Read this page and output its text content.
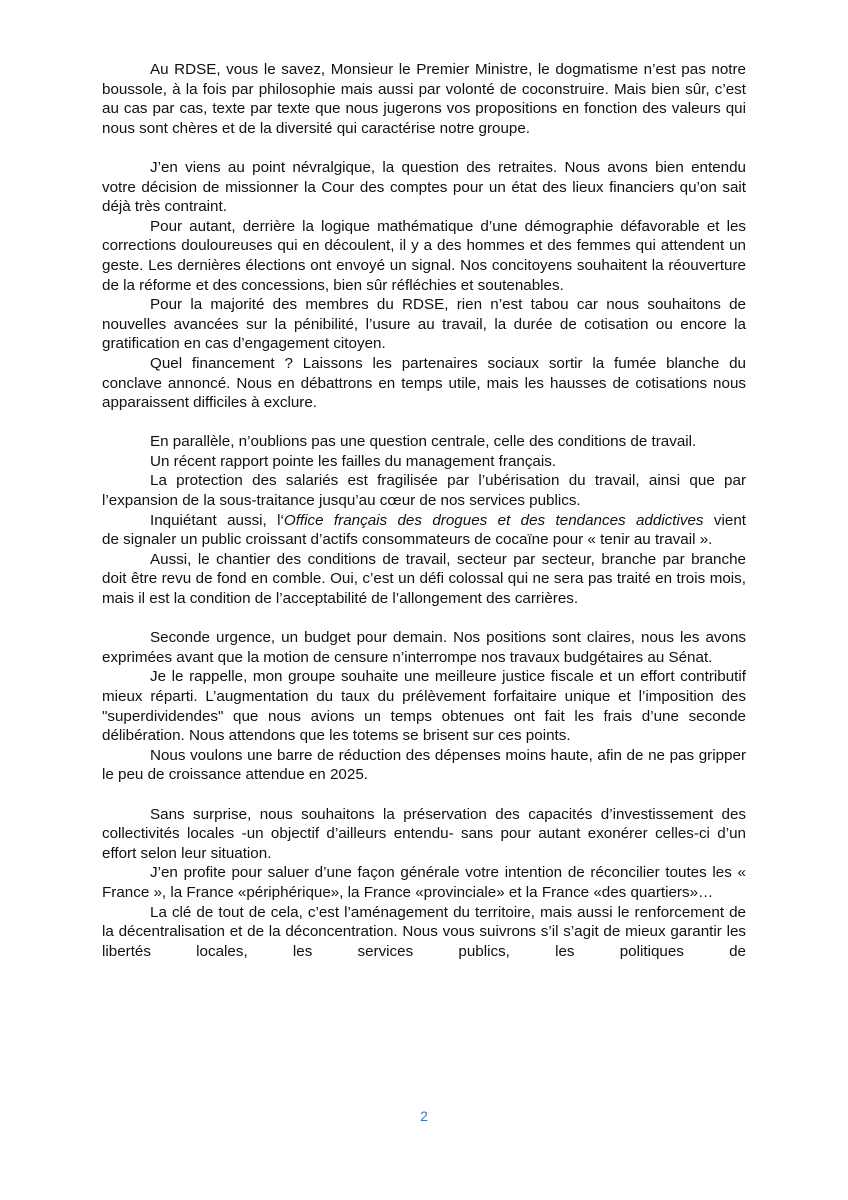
Au RDSE, vous le savez, Monsieur le Premier Ministre, le dogmatisme n’est pas notre boussole, à la fois par philosophie mais aussi par volonté de coconstruire. Mais bien sûr, c’est au cas par cas, texte par texte que nous jugerons vos propositions en fonction des valeurs qui nous sont chères et de la diversité qui caractérise notre groupe.

J’en viens au point névralgique, la question des retraites. Nous avons bien entendu votre décision de missionner la Cour des comptes pour un état des lieux financiers qu’on sait déjà très contraint.

Pour autant, derrière la logique mathématique d’une démographie défavorable et les corrections douloureuses qui en découlent, il y a des hommes et des femmes qui attendent un geste. Les dernières élections ont envoyé un signal. Nos concitoyens souhaitent la réouverture de la réforme et des concessions, bien sûr réfléchies et soutenables.

Pour la majorité des membres du RDSE, rien n’est tabou car nous souhaitons de nouvelles avancées sur la pénibilité, l’usure au travail, la durée de cotisation ou encore la gratification en cas d’engagement citoyen.

Quel financement ? Laissons les partenaires sociaux sortir la fumée blanche du conclave annoncé. Nous en débattrons en temps utile, mais les hausses de cotisations nous apparaissent difficiles à exclure.

En parallèle, n’oublions pas une question centrale, celle des conditions de travail.

Un récent rapport pointe les failles du management français.

La protection des salariés est fragilisée par l’ubérisation du travail, ainsi que par l’expansion de la sous-traitance jusqu’au cœur de nos services publics.

Inquiétant aussi, l‘Office français des drogues et des tendances addictives vient

de signaler un public croissant d’actifs consommateurs de cocaïne pour « tenir au travail ».

Aussi, le chantier des conditions de travail, secteur par secteur, branche par branche doit être revu de fond en comble. Oui, c’est un défi colossal qui ne sera pas traité en trois mois, mais il est la condition de l’acceptabilité de l’allongement des carrières.

Seconde urgence, un budget pour demain. Nos positions sont claires, nous les avons exprimées avant que la motion de censure n’interrompe nos travaux budgétaires au Sénat.

Je le rappelle, mon groupe souhaite une meilleure justice fiscale et un effort contributif mieux réparti. L’augmentation du taux du prélèvement forfaitaire unique et l’imposition des "superdividendes" que nous avions un temps obtenues ont fait les frais d’une seconde délibération. Nous attendons que les totems se brisent sur ces points.

Nous voulons une barre de réduction des dépenses moins haute, afin de ne pas gripper le peu de croissance attendue en 2025.

Sans surprise, nous souhaitons la préservation des capacités d’investissement des collectivités locales -un objectif d’ailleurs entendu- sans pour autant exonérer celles-ci d’un effort selon leur situation.

J’en profite pour saluer d’une façon générale votre intention de réconcilier toutes les « France », la France «périphérique», la France «provinciale» et la France «des quartiers»…

La clé de tout de cela, c’est l’aménagement du territoire, mais aussi le renforcement de la décentralisation et de la déconcentration. Nous vous suivrons s’il s’agit de mieux garantir les libertés locales, les services publics, les politiques de

2
